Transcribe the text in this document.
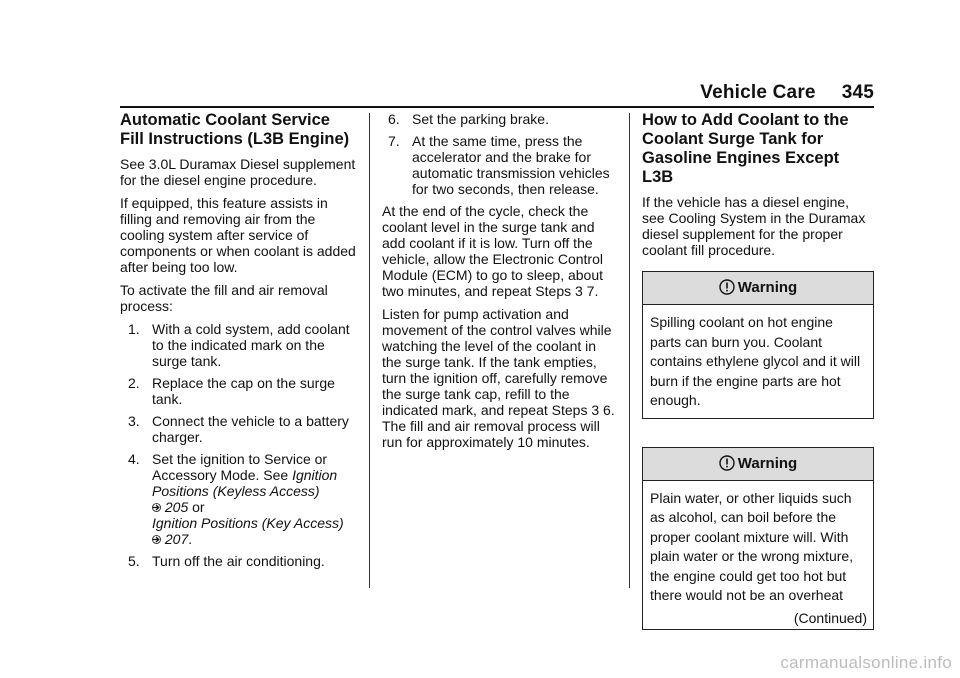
Vehicle Care 345
Automatic Coolant Service Fill Instructions (L3B Engine)

See 3.0L Duramax Diesel supplement for the diesel engine procedure.

If equipped, this feature assists in filling and removing air from the cooling system after service of components or when coolant is added after being too low.

To activate the fill and air removal process:

1. With a cold system, add coolant to the indicated mark on the surge tank.
2. Replace the cap on the surge tank.
3. Connect the vehicle to a battery charger.
4. Set the ignition to Service or Accessory Mode. See Ignition Positions (Keyless Access)
205 or
Ignition Positions (Key Access)
207.
5. Turn off the air conditioning.
6. Set the parking brake.
7. At the same time, press the accelerator and the brake for automatic transmission vehicles for two seconds, then release.

At the end of the cycle, check the coolant level in the surge tank and add coolant if it is low. Turn off the vehicle, allow the Electronic Control Module (ECM) to go to sleep, about two minutes, and repeat Steps 3 7.

Listen for pump activation and movement of the control valves while watching the level of the coolant in the surge tank. If the tank empties, turn the ignition off, carefully remove the surge tank cap, refill to the indicated mark, and repeat Steps 3 6. The fill and air removal process will run for approximately 10 minutes.

How to Add Coolant to the Coolant Surge Tank for Gasoline Engines Except L3B

If the vehicle has a diesel engine, see Cooling System in the Duramax diesel supplement for the proper coolant fill procedure.

Warning
Spilling coolant on hot engine parts can burn you. Coolant contains ethylene glycol and it will burn if the engine parts are hot enough.
Warning
Plain water, or other liquids such as alcohol, can boil before the proper coolant mixture will. With plain water or the wrong mixture, the engine could get too hot but there would not be an overheat
(Continued)
carmanualsonline.info
